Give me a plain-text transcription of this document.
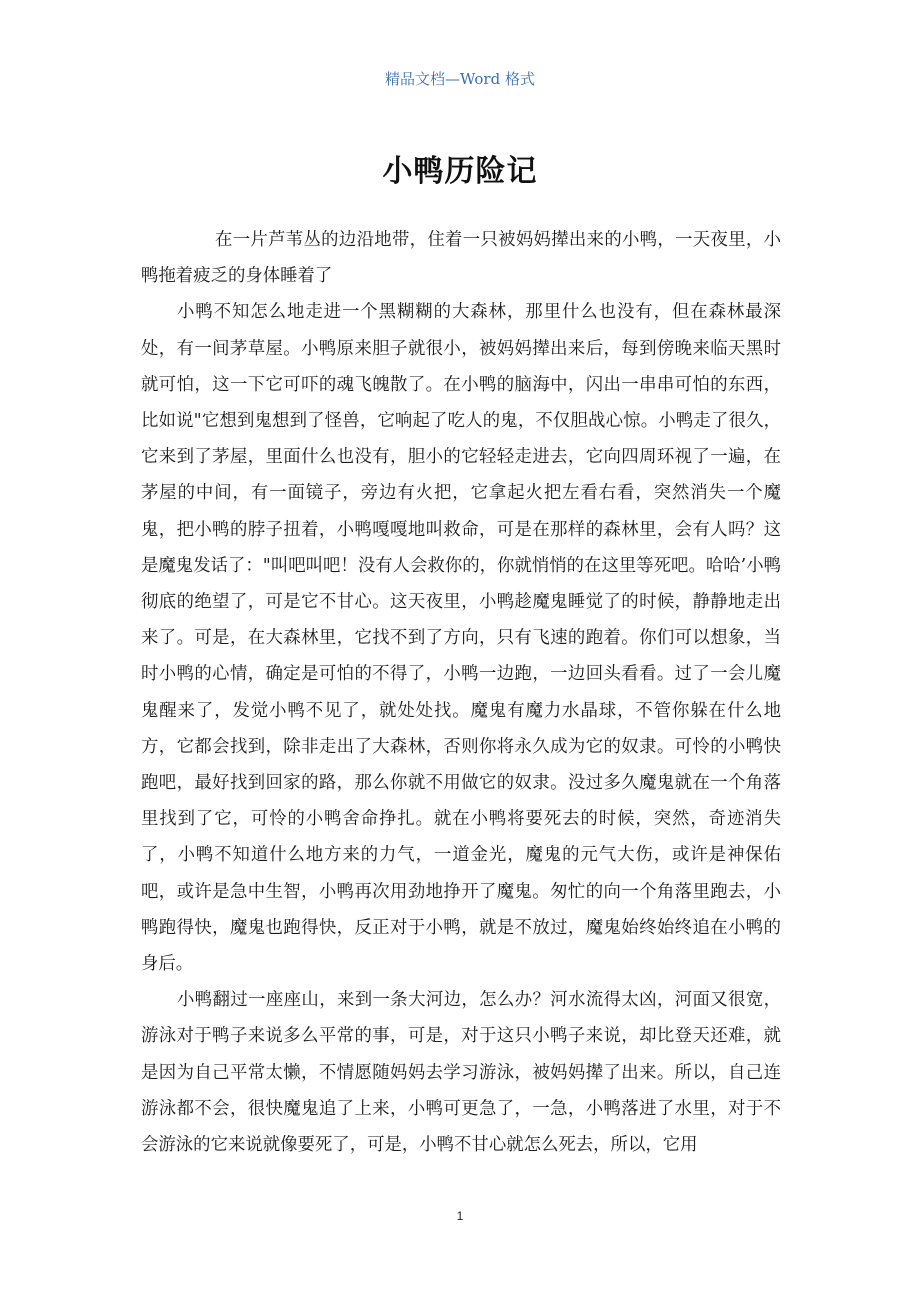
精品文档—Word 格式
小鸭历险记

在一片芦苇丛的边沿地带，住着一只被妈妈撵出来的小鸭，一天夜里，小鸭拖着疲乏的身体睡着了

小鸭不知怎么地走进一个黑糊糊的大森林，那里什么也没有，但在森林最深处，有一间茅草屋。小鸭原来胆子就很小，被妈妈撵出来后，每到傍晚来临天黑时就可怕，这一下它可吓的魂飞魄散了。在小鸭的脑海中，闪出一串串可怕的东西，比如说"它想到鬼想到了怪兽，它响起了吃人的鬼，不仅胆战心惊。小鸭走了很久，它来到了茅屋，里面什么也没有，胆小的它轻轻走进去，它向四周环视了一遍，在茅屋的中间，有一面镜子，旁边有火把，它拿起火把左看右看，突然消失一个魔鬼，把小鸭的脖子扭着，小鸭嘎嘎地叫救命，可是在那样的森林里，会有人吗？这是魔鬼发话了："叫吧叫吧！没有人会救你的，你就悄悄的在这里等死吧。哈哈’小鸭彻底的绝望了，可是它不甘心。这天夜里，小鸭趁魔鬼睡觉了的时候，静静地走出来了。可是，在大森林里，它找不到了方向，只有飞速的跑着。你们可以想象，当时小鸭的心情，确定是可怕的不得了，小鸭一边跑，一边回头看看。过了一会儿魔鬼醒来了，发觉小鸭不见了，就处处找。魔鬼有魔力水晶球，不管你躲在什么地方，它都会找到，除非走出了大森林，否则你将永久成为它的奴隶。可怜的小鸭快跑吧，最好找到回家的路，那么你就不用做它的奴隶。没过多久魔鬼就在一个角落里找到了它，可怜的小鸭舍命挣扎。就在小鸭将要死去的时候，突然，奇迹消失了，小鸭不知道什么地方来的力气，一道金光，魔鬼的元气大伤，或许是神保佑吧，或许是急中生智，小鸭再次用劲地挣开了魔鬼。匆忙的向一个角落里跑去，小鸭跑得快，魔鬼也跑得快，反正对于小鸭，就是不放过，魔鬼始终始终追在小鸭的身后。

小鸭翻过一座座山，来到一条大河边，怎么办？河水流得太凶，河面又很宽，游泳对于鸭子来说多么平常的事，可是，对于这只小鸭子来说，却比登天还难，就是因为自己平常太懒，不情愿随妈妈去学习游泳，被妈妈撵了出来。所以，自己连游泳都不会，很快魔鬼追了上来，小鸭可更急了，一急，小鸭落进了水里，对于不会游泳的它来说就像要死了，可是，小鸭不甘心就怎么死去，所以，它用

1
